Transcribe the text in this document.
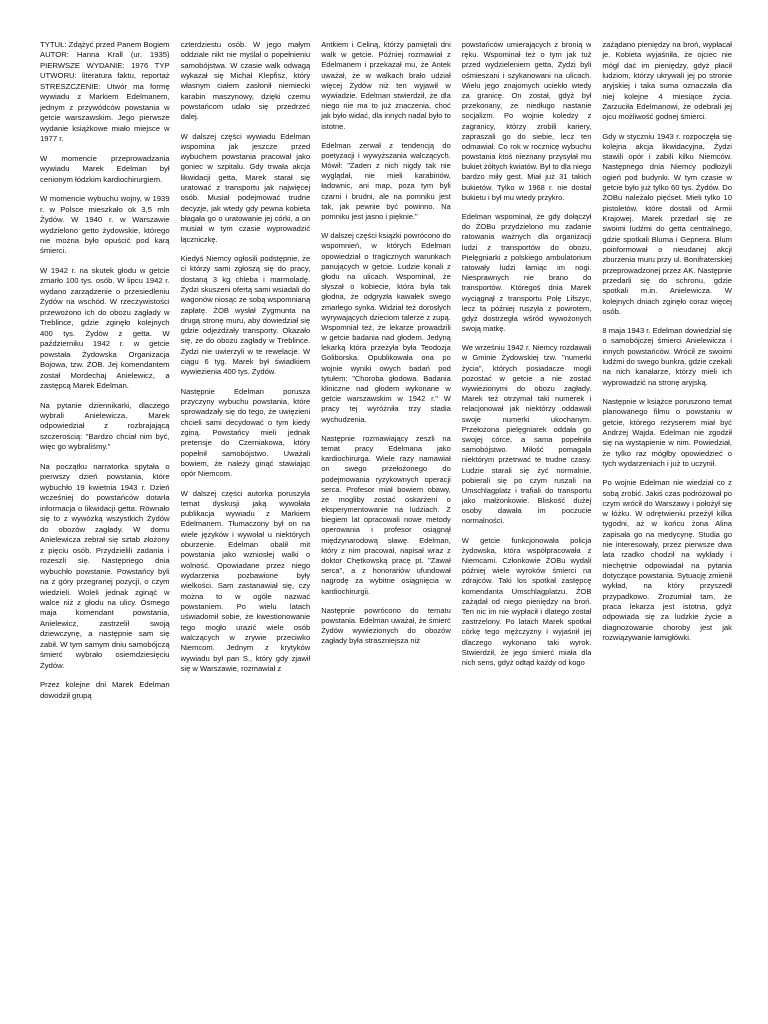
TYTUŁ: Zdążyć przed Panem Bogiem AUTOR: Hanna Krall (ur. 1935) PIERWSZE WYDANIE: 1976 TYP UTWORU: literatura faktu, reportaż STRESZCZENIE: Utwór ma formę wywiadu z Markiem Edelmanem, jednym z przywódców powstania w getcie warszawskim. Jego pierwsze wydanie książkowe miało miejsce w 1977 r.

W momencie przeprowadzania wywiadu Marek Edelman był cenionym łódzkim kardiochirurgiem.

W momencie wybuchu wojny, w 1939 r. w Polsce mieszkało ok 3,5 mln Żydów. W 1940 r. w Warszawie wydzielono getto żydowskie, którego nie można było opuścić pod karą śmierci.

W 1942 r. na skutek głodu w getcie zmarło 100 tys. osób. W lipcu 1942 r. wydano zarządzenie o przesiedleniu Żydów na wschód. W rzeczywistości przewożono ich do obozu zagłady w Treblince, gdzie zginęło kolejnych 400 tys. Żydów z getta. W październiku 1942 r. w getcie powstała Żydowska Organizacja Bojowa, tzw. ŻOB. Jej komendantem został Mordechaj Anielewicz, a zastępcą Marek Edelman.

Na pytanie dziennikarki, dlaczego wybrali Anielewicza, Marek odpowiedział z rozbrajającą szczerością: "Bardzo chciał nim być, więc go wybraliśmy."

Na początku narratorka spytała o pierwszy dzień powstania, które wybuchło 19 kwietnia 1943 r. Dzień wcześniej do powstańców dotarła informacja o likwidacji getta. Równało się to z wywózką wszystkich Żydów do obozów zagłady. W domu Anielewicza zebrał się sztab złożony z pięciu osób. Przydzielili zadania i rozeszli się. Następnego dnia wybuchło powstanie. Powstańcy byli na z góry przegranej pozycji, o czym wiedzieli. Woleli jednak zginąć w walce niż z głodu na ulicy. Ósmego maja komendant powstania, Anielewicz, zastrzelił swoją dziewczynę, a następnie sam się zabił. W tym samym dniu samobójczą śmierć wybrało osiemdziesięciu Żydów.

Przez kolejne dni Marek Edelman dowodził grupą

czterdziestu osób. W jego małym oddziale nikt nie myślał o popełnieniu samobójstwa. W czasie walk odwagą wykazał się Michał Klepfisz, który własnym ciałem zasłonił niemiecki karabin maszynowy, dzięki czemu powstańcom udało się przedrzeć dalej.

W dalszej części wywiadu Edelman wspomina jak jeszcze przed wybuchem powstania pracował jako goniec w szpitalu. Gdy trwała akcja likwidacji getta, Marek starał się uratować z transportu jak najwięcej osób. Musiał podejmować trudne decyzje, jak wtedy gdy pewna kobieta błagała go o uratowanie jej córki, a on musiał w tym czasie wyprowadzić łączniczkę.

Kiedyś Niemcy ogłosili podstępnie, że ci którzy sami zgłoszą się do pracy, dostaną 3 kg chleba i marmoladę. Żydzi skuszeni ofertą sami wsiadali do wagonów niosąc ze sobą wspomnianą zapłatę. ŻOB wysłał Zygmunta na drugą stronę muru, aby dowiedział się gdzie odjeżdżały transporty. Okazało się, że do obozu zagłady w Treblince. Żydzi nie uwierzyli w te rewelacje. W ciągu 6 tyg. Marek był świadkiem wywiezienia 400 tys. Żydów.

Następnie Edelman porusza przyczyny wybuchu powstania, które sprowadzały się do tego, że uwięzieni chcieli sami decydować o tym kiedy zginą. Powstańcy mieli jednak pretensje do Czerniakowa, który popełnił samobójstwo. Uważali bowiem, że należy ginąć stawiając opór Niemcom.

W dalszej części autorka poruszyła temat dyskusji jaką wywołała publikacja wywiadu z Markiem Edelmanem. Tłumaczony był on na wiele języków i wywołał u niektórych oburzenie. Edelman obalił mit powstania jako wzniosłej walki o wolność. Opowiadane przez niego wydarzenia pozbawione były wielkości. Sam zastanawiał się, czy można to w ogóle nazwać powstaniem. Po wielu latach uświadomił sobie, że kwestionowanie tego mogło urazić wiele osób walczących w zrywie przeciwko Niemcom. Jednym z krytyków wywiadu był pan S., który gdy zjawił się w Warszawie, rozmawiał z

Antkiem i Celiną, którzy pamiętali dni walk w getcie. Później rozmawiał z Edelmanem i przekazał mu, że Antek uważał, że w walkach brało udział więcej Żydów niż ten wyjawił w wywiadzie. Edelman stwierdził, że dla niego nie ma to już znaczenia, choć jak było widać, dla innych nadal było to istotne.

Edelman zerwał z tendencją do poetyzacji i wywyższania walczących. Mówił: "Żaden z nich nigdy tak nie wyglądał, nie mieli karabinów, ładownic, ani map, poza tym byli czarni i brudni, ale na pomniku jest tak, jak pewnie być powinno. Na pomniku jest jasno i pięknie."

W dalszej części książki powrócono do wspomnień, w których Edelman opowiedział o tragicznych warunkach panujących w getcie. Ludzie konali z głodu na ulicach. Wspominał, że słyszał o kobiecie, która była tak głodna, że odgryzła kawałek swego zmarłego synka. Widział też dorosłych wyrywających dzieciom talerze z zupą. Wspomniał też, że lekarze prowadzili w getcie badania nad głodem. Jedyną lekarką która przeżyła była Teodozja Goliborska. Opublikowała ona po wojnie wyniki owych badań pod tytułem: "Choroba głodowa. Badania kliniczne nad głodem wykonane w getcie warszawskim w 1942 r." W pracy tej wyróżniła trzy stadia wychudzenia.

Następnie rozmawiający zeszli na temat pracy Edelmana jako kardiochirurga. Wiele razy namawiał on swego przełożonego do podejmowania ryzykownych operacji serca. Profesor miał bowiem obawy, że mogliby zostać oskarżeni o eksperymentowanie na ludziach. Z biegiem lat opracowali nowe metody operowania i profesor osiągnął międzynarodową sławę. Edelman, który z nim pracował, napisał wraz z doktor Chętkowską pracę pt. "Zawał serca", a z honorariów ufundował nagrodę za wybitne osiągnięcia w kardiochirurgii.

Następnie powrócono do tematu powstania. Edelman uważał, że śmierć Żydów wywiezionych do obozów zagłady była straszniejsza niż

powstańców umierających z bronią w ręku. Wspominał też o tym jak tuż przed wydzieleniem getta, Żydzi byli ośmieszani i szykanowani na ulicach. Wielu jego znajomych uciekło wtedy za granicę. On został, gdyż był przekonany, że niedługo nastanie socjalizm. Po wojnie koledzy z zagranicy, którzy zrobili kariery, zapraszali go do siebie, lecz ten odmawiał. Co rok w rocznicę wybuchu powstania ktoś nieznany przysyłał mu bukiet żółtych kwiatów. Był to dla niego bardzo miły gest. Miał już 31 takich bukietów. Tylko w 1968 r. nie dostał bukietu i był mu wtedy przykro.

Edelman wspominał, że gdy dołączył do ŻOBu przydzielono mu zadanie ratowania ważnych dla organizacji ludzi z transportów do obozu. Pielęgniarki z polskiego ambulatorium ratowały ludzi łamiąc im nogi. Niesprawnych nie brano do transportów. Któregoś dnia Marek wyciągnął z transportu Polę Lifszyc, lecz ta później ruszyła z powrotem, gdyż dostrzegła wśród wywożonych swoją matkę.

We wrześniu 1942 r. Niemcy rozdawali w Gminie Żydowskiej tzw. "numerki życia", których posiadacze mogli pozostać w getcie a nie zostać wywiezionymi do obozu zagłady. Marek też otrzymał taki numerek i relacjonował jak niektórzy oddawali swoje numerki ukochanym. Przełożona pielęgniarek oddała go swojej córce, a sama popełniła samobójstwo. Miłość pomagała niektórym przetrwać te trudne czasy. Ludzie starali się żyć normalnie, pobierali się po czym ruszali na Umschlagplatz i trafiali do transportu jako małżonkowie. Bliskość dużej osoby dawała im poczucie normalności.

W getcie funkcjonowała policja żydowska, która współpracowała z Niemcami. Członkowie ŻOBu wydali później wiele wyroków śmierci na zdrajców. Taki los spotkał zastępcę komendanta Umschlagplatzu. ŻOB zażądał od niego pieniędzy na broń. Ten nic im nie wypłacił i dlatego został zastrzelony. Po latach Marek spotkał córkę tego mężczyzny i wyjaśnił jej dlaczego wykonano taki wyrok. Stwierdził, że jego śmierć miała dla nich sens, gdyż odtąd każdy od kogo

zażądano pieniędzy na broń, wypłacał je. Kobieta wyjaśniła, że ojciec nie mógł dać im pieniędzy, gdyż płacił ludziom, którzy ukrywali jej po stronie aryjskiej i taka suma oznaczała dla niej kolejne 4 miesiące życia. Zarzuciła Edelmanowi, że odebrali jej ojcu możliwość godnej śmierci.

Gdy w styczniu 1943 r. rozpoczęła się kolejna akcja likwidacyjna, Żydzi stawili opór i zabili kilku Niemców. Następnego dnia Niemcy podłożyli ogień pod budynki. W tym czasie w getcie było już tylko 60 tys. Żydów. Do ŻOBu należało pięćset. Mieli tylko 10 pistoletów, które dostali od Armii Krajowej. Marek przedarł się ze swoimi ludźmi do getta centralnego, gdzie spotkali Bluma i Gepnera. Blum poinformował o nieudanej akcji zburzenia muru przy ul. Bonifraterskiej przeprowadzonej przez AK. Następnie przedarli się do schronu, gdzie spotkali m.in. Anielewicza. W kolejnych dniach zginęło coraz więcej osób.

8 maja 1943 r. Edelman dowiedział się o samobójczej śmierci Anielewicza i innych powstańców. Wrócił ze swoimi ludźmi do swego bunkra, gdzie czekali na nich kanalarze, którzy mieli ich wyprowadzić na stronę aryjską.

Następnie w książce poruszono temat planowanego filmu o powstaniu w getcie, którego reżyserem miał być Andrzej Wajda. Edelman nie zgodził się na wystąpienie w nim. Powiedział, że tylko raz mógłby opowiedzieć o tych wydarzeniach i już to uczynił.

Po wojnie Edelman nie wiedział co z sobą zrobić. Jakiś czas podróżował po czym wrócił do Warszawy i położył się w łóżku. W odrętwieniu przeżył kilka tygodni, aż w końcu żona Alina zapisała go na medycynę. Studia go nie interesowały, przez pierwsze dwa lata rzadko chodził na wykłady i niechętnie odpowiadał na pytania dotyczące powstania. Sytuację zmienił wykład, na który przyszedł przypadkowo. Zrozumiał tam, że praca lekarza jest istotna, gdyż odpowiada się za ludzkie życie a diagnozowanie choroby jest jak rozwiązywanie łamigłówki.
